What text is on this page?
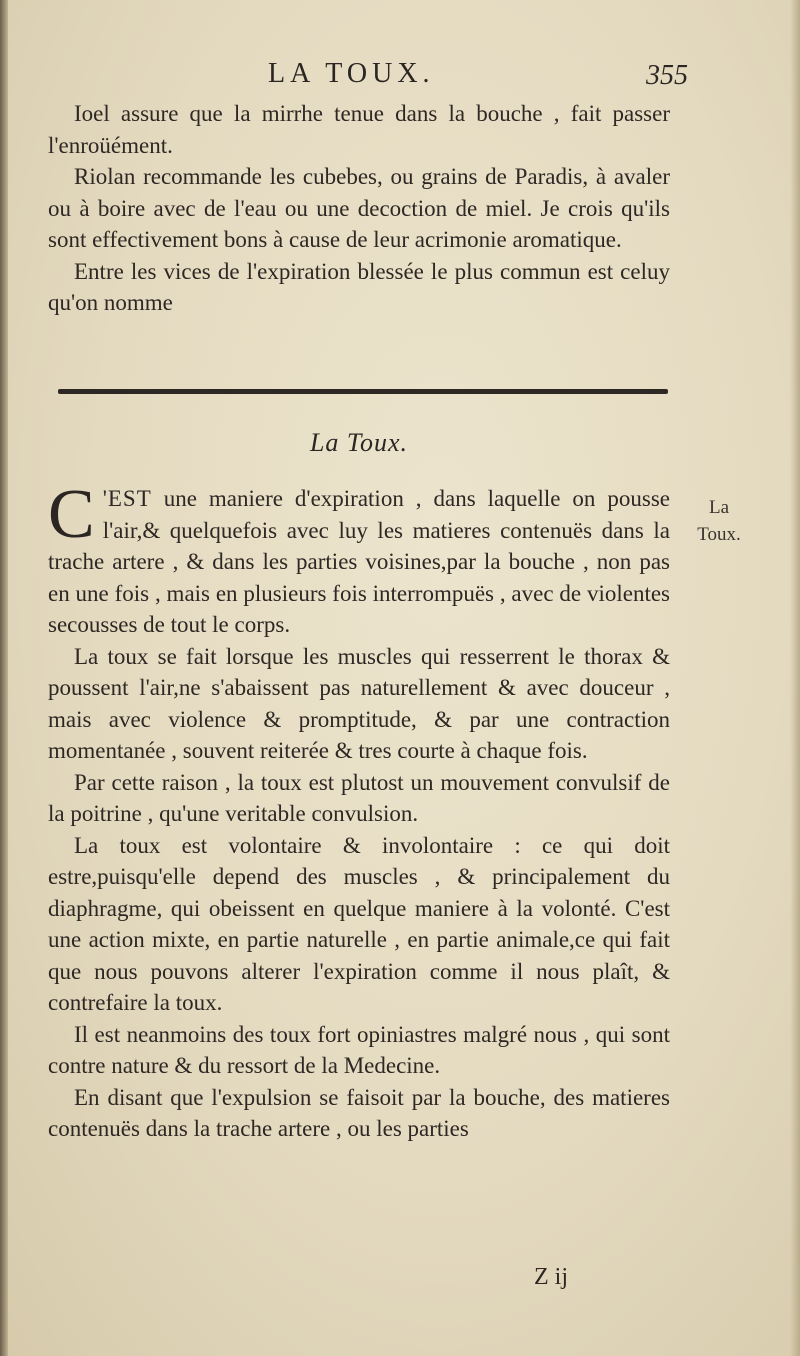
LA TOUX.	355

Ioel assure que la mirrhe tenue dans la bouche , fait passer l'enroüément.

Riolan recommande les cubebes, ou grains de Paradis, à avaler ou à boire avec de l'eau ou une decoction de miel. Je crois qu'ils sont effectivement bons à cause de leur acrimonie aromatique.

Entre les vices de l'expiration blessée le plus commun est celuy qu'on nomme

La Toux.

C 'EST une maniere d'expiration , dans laquelle on pousse l'air,& quelquefois avec luy les matieres contenuës dans la trache artere , & dans les parties voisines,par la bouche , non pas en une fois , mais en plusieurs fois interrompuës , avec de violentes secousses de tout le corps.

La toux se fait lorsque les muscles qui resserrent le thorax & poussent l'air,ne s'abaissent pas naturellement & avec douceur , mais avec violence & promptitude, & par une contraction momentanée , souvent reiterée & tres courte à chaque fois.

Par cette raison , la toux est plutost un mouvement convulsif de la poitrine , qu'une veritable convulsion.

La toux est volontaire & involontaire : ce qui doit estre,puisqu'elle depend des muscles , & principalement du diaphragme, qui obeissent en quelque maniere à la volonté. C'est une action mixte, en partie naturelle , en partie animale,ce qui fait que nous pouvons alterer l'expiration comme il nous plaît, & contrefaire la toux.

Il est neanmoins des toux fort opiniastres malgré nous , qui sont contre nature & du ressort de la Medecine.

En disant que l'expulsion se faisoit par la bouche, des matieres contenuës dans la trache artere , ou les parties

La
Toux.
Z ij
